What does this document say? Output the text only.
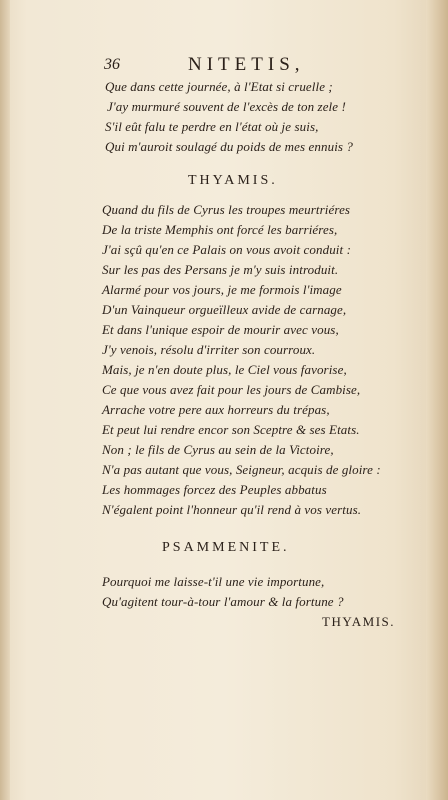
36	NITETIS,
Que dans cette journée, à l'Etat si cruelle ;
J'ay murmuré souvent de l'excès de ton zele !
S'il eût falu te perdre en l'état où je suis,
Qui m'auroit soulagé du poids de mes ennuis ?
THYAMIS.
Quand du fils de Cyrus les troupes meurtriéres
De la triste Memphis ont forcé les barriéres,
J'ai sçû qu'en ce Palais on vous avoit conduit :
Sur les pas des Persans je m'y suis introduit.
Alarmé pour vos jours, je me formois l'image
D'un Vainqueur orgueïlleux avide de carnage,
Et dans l'unique espoir de mourir avec vous,
J'y venois, résolu d'irriter son courroux.
Mais, je n'en doute plus, le Ciel vous favorise,
Ce que vous avez fait pour les jours de Cambise,
Arrache votre pere aux horreurs du trépas,
Et peut lui rendre encor son Sceptre & ses Etats.
Non ; le fils de Cyrus au sein de la Victoire,
N'a pas autant que vous, Seigneur, acquis de gloire :
Les hommages forcez des Peuples abbatus
N'égalent point l'honneur qu'il rend à vos vertus.
PSAMMENITE.
Pourquoi me laisse-t'il une vie importune,
Qu'agitent tour-à-tour l'amour & la fortune ?
THYAMIS.
